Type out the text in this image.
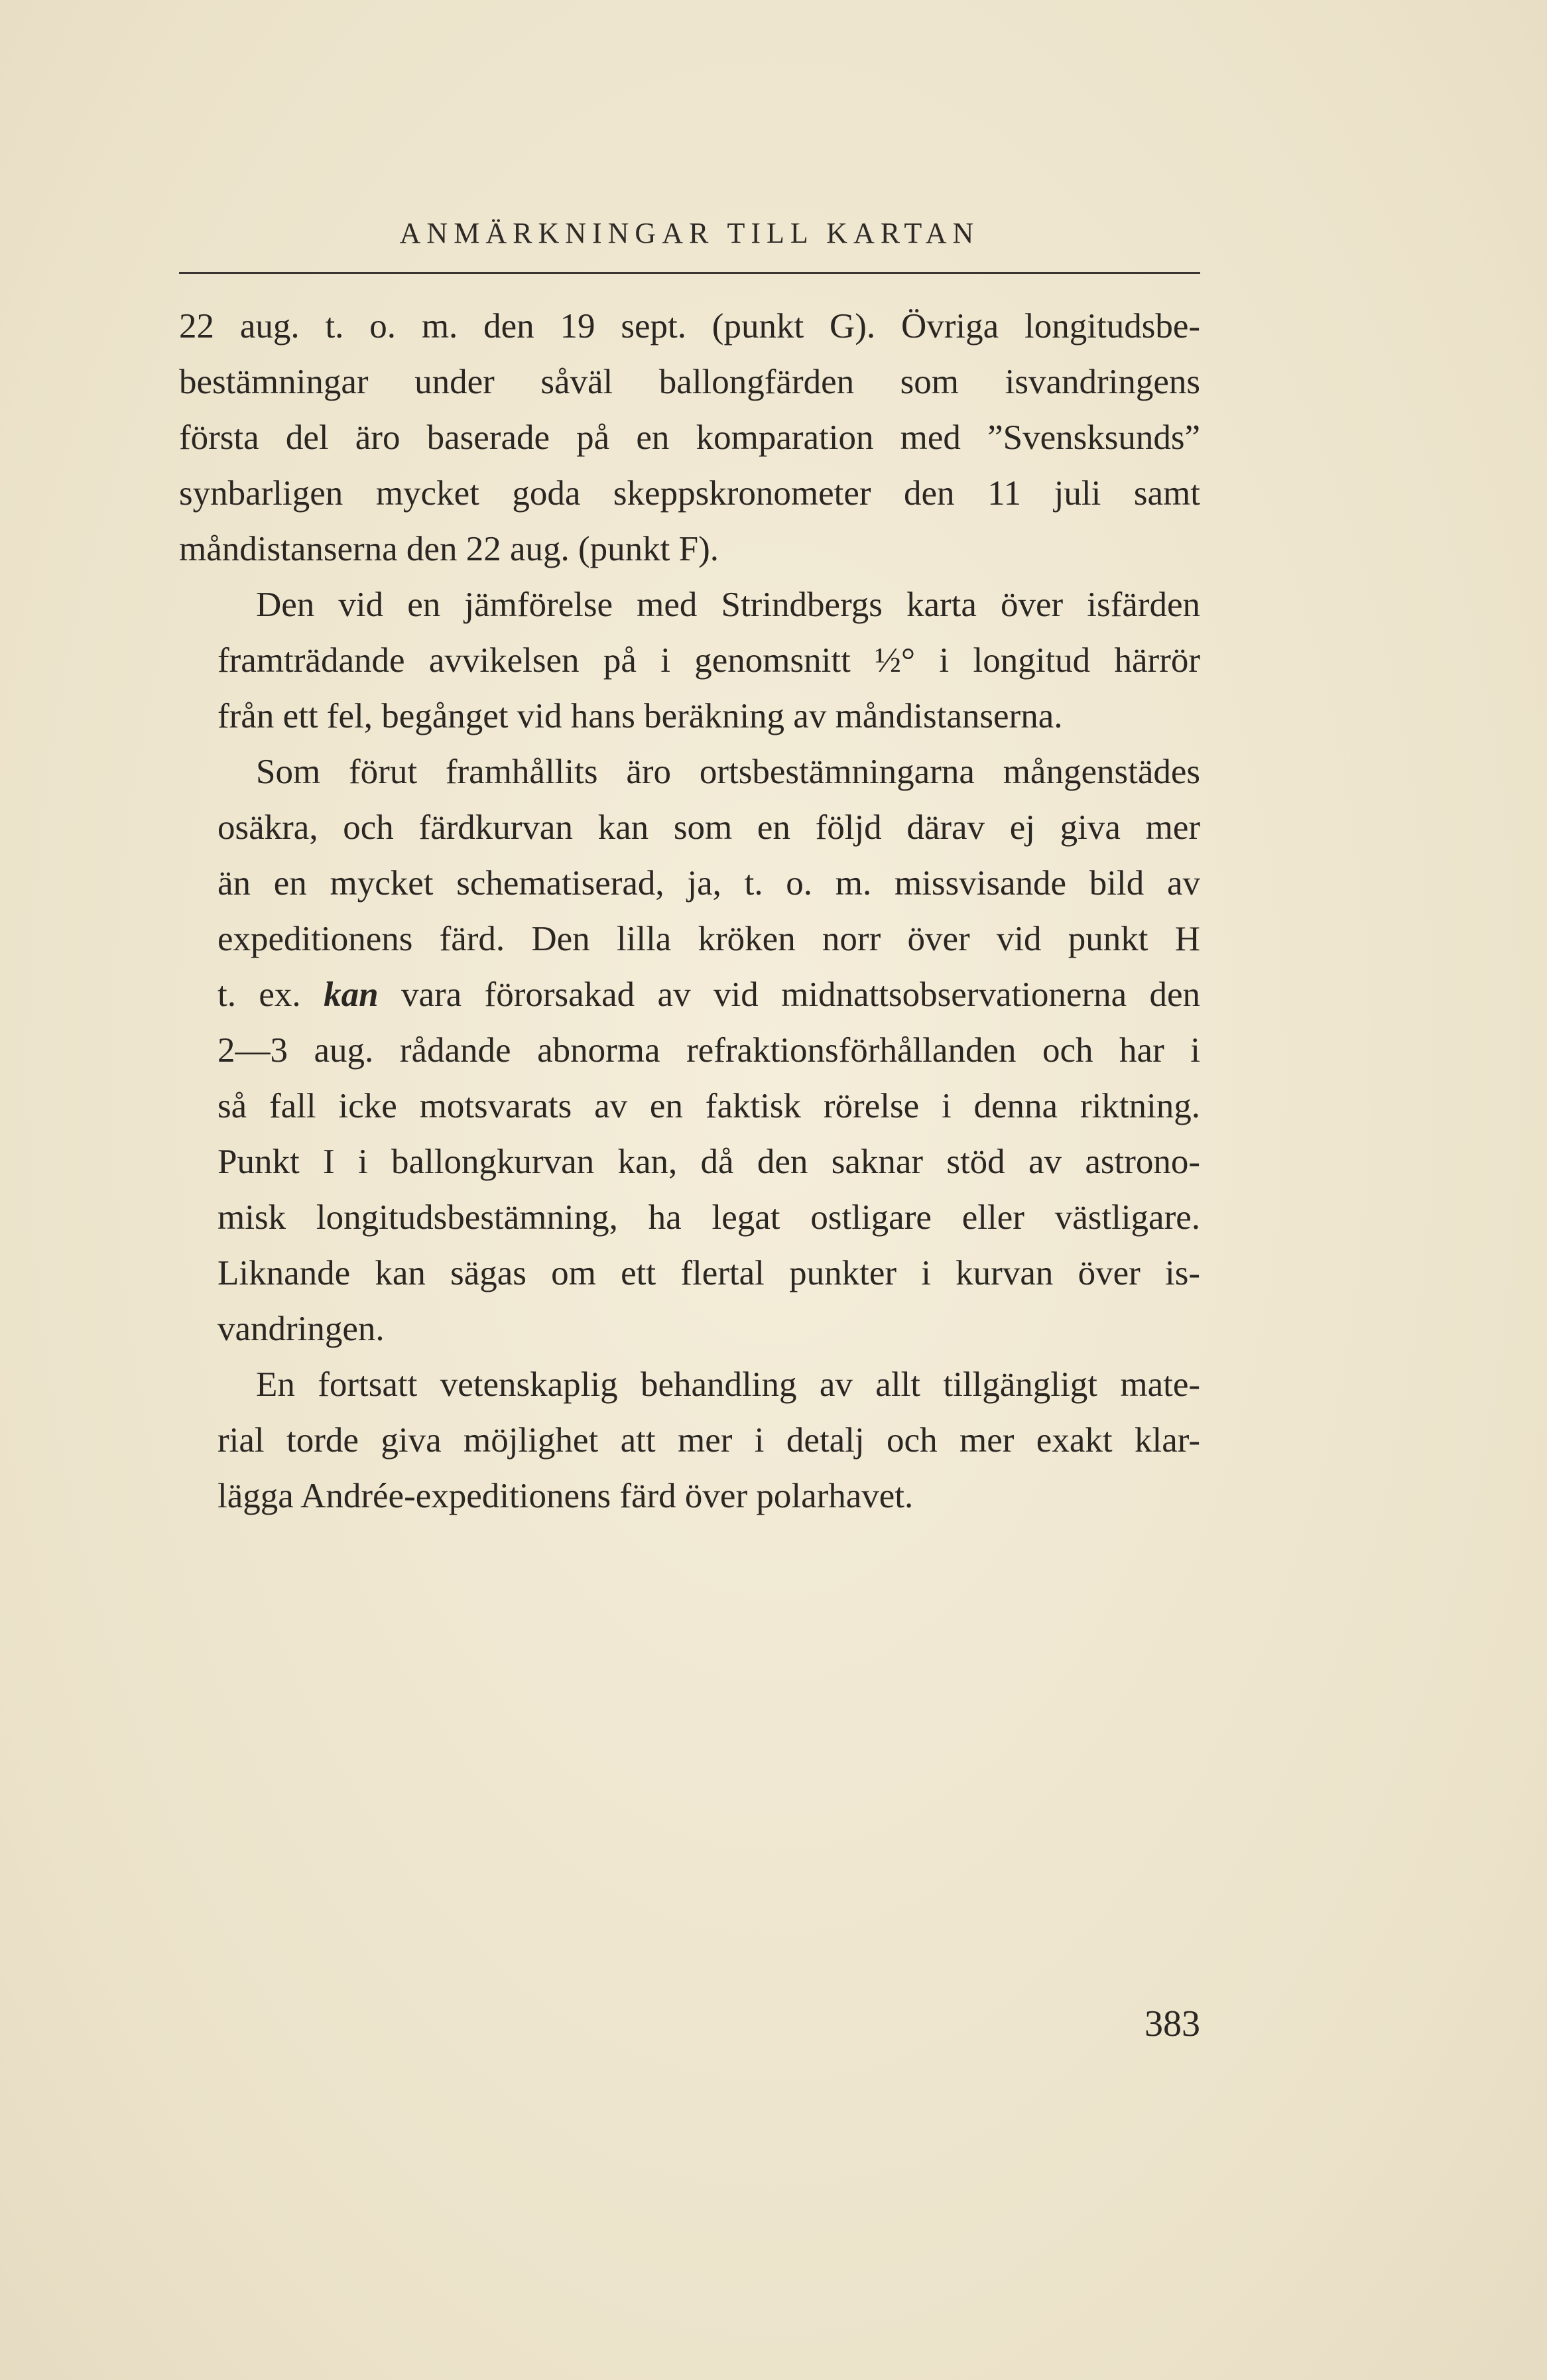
ANMÄRKNINGAR TILL KARTAN
22 aug. t. o. m. den 19 sept. (punkt G). Övriga longitudsbe-
bestämningar under såväl ballongfärden som isvandringens
första del äro baserade på en komparation med ”Svensksunds”
synbarligen mycket goda skeppskronometer den 11 juli samt
måndistanserna den 22 aug. (punkt F).
Den vid en jämförelse med Strindbergs karta över isfärden
framträdande avvikelsen på i genomsnitt ½° i longitud härrör
från ett fel, begånget vid hans beräkning av måndistanserna.
Som förut framhållits äro ortsbestämningarna mångenstädes
osäkra, och färdkurvan kan som en följd därav ej giva mer
än en mycket schematiserad, ja, t. o. m. missvisande bild av
expeditionens färd. Den lilla kröken norr över vid punkt H
t. ex. kan vara förorsakad av vid midnattsobservationerna den
2—3 aug. rådande abnorma refraktionsförhållanden och har i
så fall icke motsvarats av en faktisk rörelse i denna riktning.
Punkt I i ballongkurvan kan, då den saknar stöd av astrono-
misk longitudsbestämning, ha legat ostligare eller västligare.
Liknande kan sägas om ett flertal punkter i kurvan över is-
vandringen.
En fortsatt vetenskaplig behandling av allt tillgängligt mate-
rial torde giva möjlighet att mer i detalj och mer exakt klar-
lägga Andrée-expeditionens färd över polarhavet.
383
